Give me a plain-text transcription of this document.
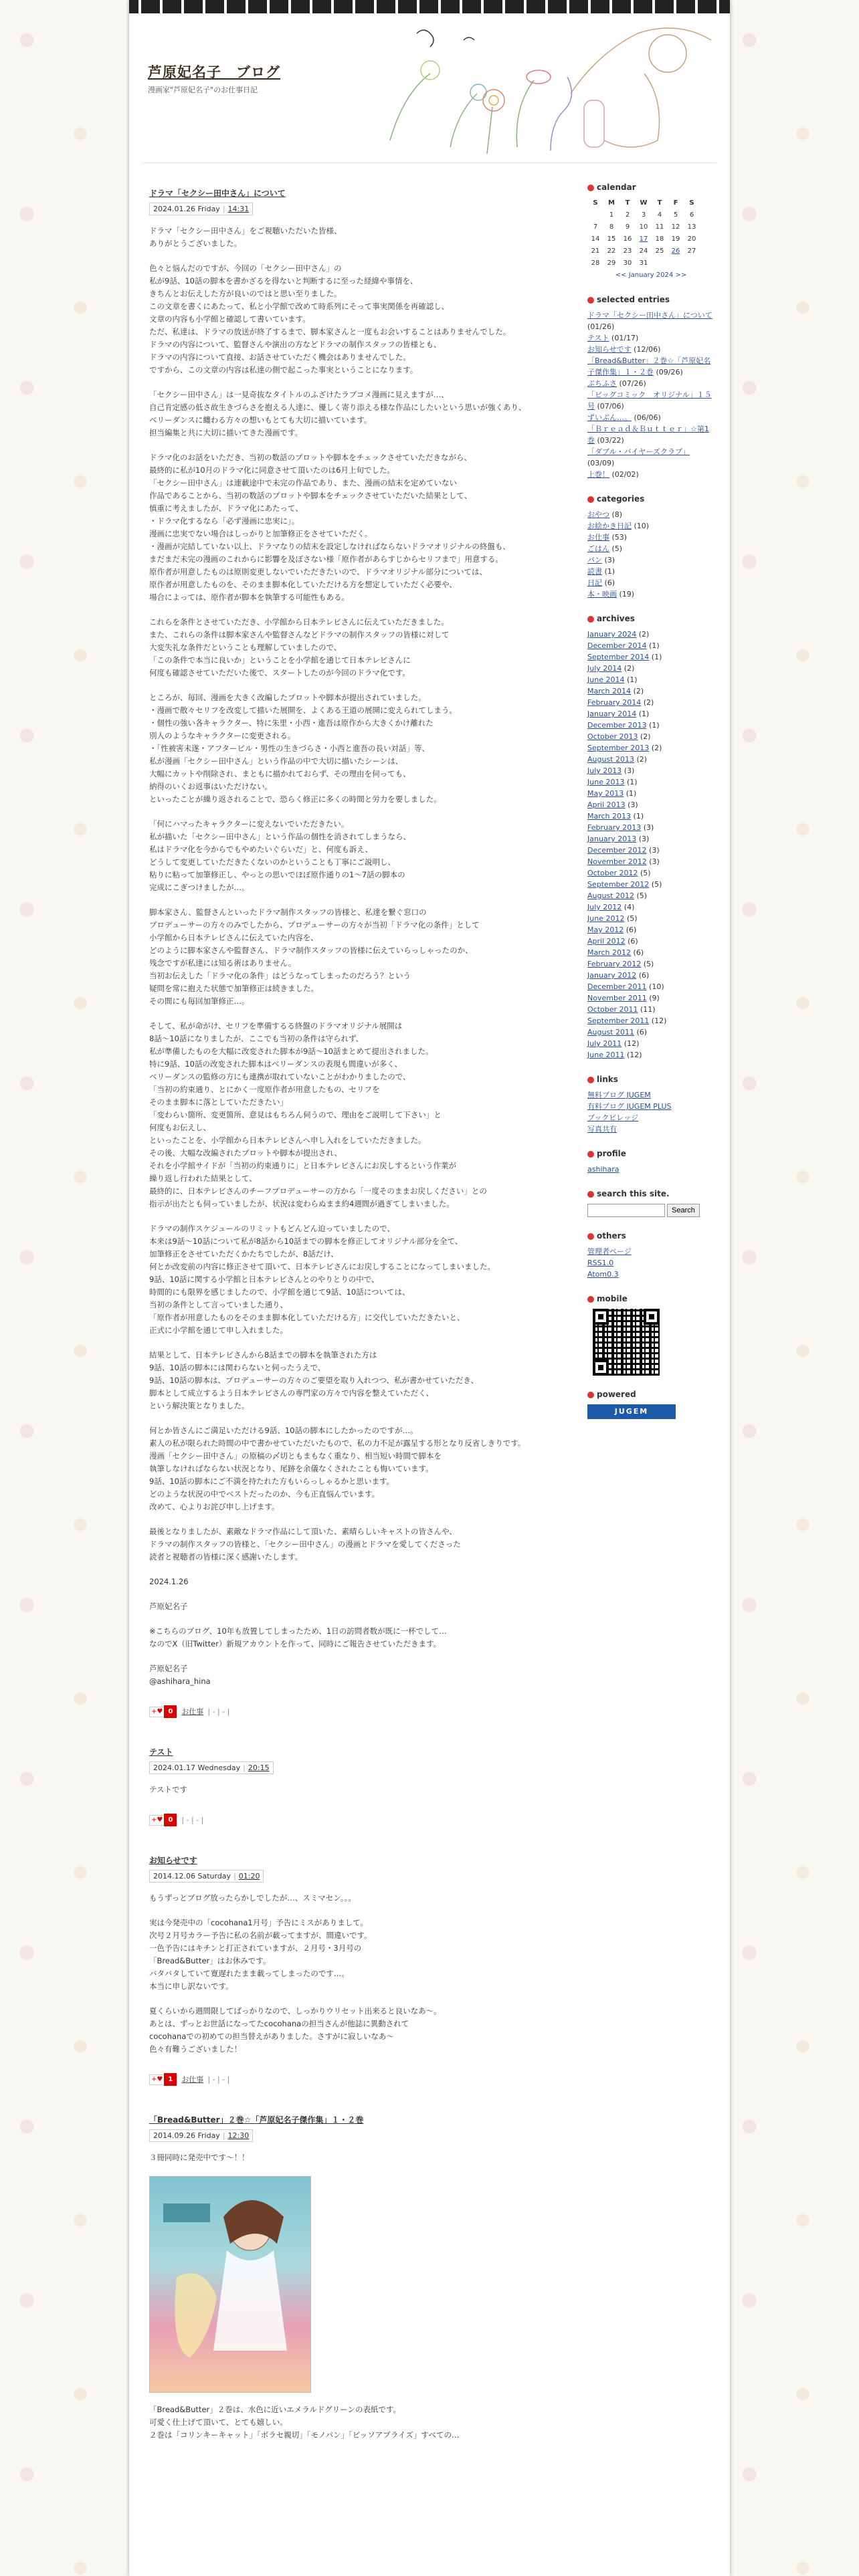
芦原妃名子　ブログ
漫画家"芦原妃名子"のお仕事日記
ドラマ「セクシー田中さん」について
2024.01.26 Friday | 14:31

ドラマ「セクシー田中さん」をご視聴いただいた皆様、
ありがとうございました。

色々と悩んだのですが、今回の「セクシー田中さん」の
私が9話、10話の脚本を書かざるを得ないと判断するに至った経緯や事情を、
きちんとお伝えした方が良いのではと思い至りました。
この文章を書くにあたって、私と小学館で改めて時系列にそって事実関係を再確認し、
文章の内容も小学館と確認して書いています。
ただ、私達は、ドラマの放送が終了するまで、脚本家さんと一度もお会いすることはありませんでした。
ドラマの内容について、監督さんや演出の方などドラマの制作スタッフの皆様とも、
ドラマの内容について直接、お話させていただく機会はありませんでした。
ですから、この文章の内容は私達の側で起こった事実ということになります。

「セクシー田中さん」は一見奇抜なタイトルのふざけたラブコメ漫画に見えますが…、
自己肯定感の低さ故生きづらさを抱える人達に、優しく寄り添える様な作品にしたいという思いが強くあり、
ベリーダンスに纏わる方々の想いもとても大切に描いています。
担当編集と共に大切に描いてきた漫画です。

ドラマ化のお話をいただき、当初の数話のプロットや脚本をチェックさせていただきながら、
最終的に私が10月のドラマ化に同意させて頂いたのは6月上旬でした。
「セクシー田中さん」は連載途中で未完の作品であり、また、漫画の結末を定めていない
作品であることから、当初の数話のプロットや脚本をチェックさせていただいた結果として、
慎重に考えましたが、ドラマ化にあたって、
・ドラマ化するなら「必ず漫画に忠実に」。
漫画に忠実でない場合はしっかりと加筆修正をさせていただく。
・漫画が完結していない以上、ドラマなりの結末を設定しなければならないドラマオリジナルの終盤も、
まだまだ未完の漫画のこれからに影響を及ぼさない様「原作者があらすじからセリフまで」用意する。
原作者が用意したものは原則変更しないでいただきたいので、ドラマオリジナル部分については、
原作者が用意したものを、そのまま脚本化していただける方を想定していただく必要や、
場合によっては、原作者が脚本を執筆する可能性もある。

これらを条件とさせていただき、小学館から日本テレビさんに伝えていただきました。
また、これらの条件は脚本家さんや監督さんなどドラマの制作スタッフの皆様に対して
大変失礼な条件だということも理解していましたので、
「この条件で本当に良いか」ということを小学館を通じて日本テレビさんに
何度も確認させていただいた後で、スタートしたのが今回のドラマ化です。

ところが、毎回、漫画を大きく改編したプロットや脚本が提出されていました。
・漫画で散々セリフを改変して描いた展開を、よくある王道の展開に変えられてしまう。
・個性の強い各キャラクター、特に朱里・小西・進吾は原作から大きくかけ離れた
別人のようなキャラクターに変更される。
・「性被害未遂・アフターピル・男性の生きづらさ・小西と進吾の長い対話」等、
私が漫画「セクシー田中さん」という作品の中で大切に描いたシーンは、
大幅にカットや削除され、まともに描かれておらず、その理由を伺っても、
納得のいくお返事はいただけない。
といったことが繰り返されることで、恐らく修正に多くの時間と労力を要しました。

「何にハマったキャラクターに変えないでいただきたい。
私が描いた「セクシー田中さん」という作品の個性を消されてしまうなら、
私はドラマ化を今からでもやめたいぐらいだ」と、何度も訴え、
どうして変更していただきたくないのかということも丁寧にご説明し、
粘りに粘って加筆修正し、やっとの思いでほぼ原作通りの1〜7話の脚本の
完成にこぎつけましたが…。

脚本家さん、監督さんといったドラマ制作スタッフの皆様と、私達を繋ぐ窓口の
プロデューサーの方々のみでしたから、プロデューサーの方々が当初「ドラマ化の条件」として
小学館から日本テレビさんに伝えていた内容を、
どのように脚本家さんや監督さん、ドラマ制作スタッフの皆様に伝えていらっしゃったのか、
残念ですが私達には知る術はありません。
当初お伝えした「ドラマ化の条件」はどうなってしまったのだろう？という
疑問を常に抱えた状態で加筆修正は続きました。
その間にも毎回加筆修正…。

そして、私が命がけ、セリフを準備するる終盤のドラマオリジナル展開は
8話〜10話になりましたが、ここでも当初の条件は守られず、
私が準備したものを大幅に改変された脚本が9話〜10話まとめて提出されました。
特に9話、10話の改変された脚本はベリーダンスの表現も間違いが多く、
ベリーダンスの監修の方にも連携が取れていないことがわかりましたので、
「当初の約束通り、とにかく一度原作者が用意したもの、セリフを
そのまま脚本に落としていただきたい」
「変わらい箇所、変更箇所、意見はもちろん伺うので、理由をご説明して下さい」と
何度もお伝えし、
といったことを、小学館から日本テレビさんへ申し入れをしていただきました。
その後、大幅な改編されたプロットや脚本が提出され、
それを小学館サイドが「当初の約束通りに」と日本テレビさんにお戻しするという作業が
繰り返し行われた結果として、
最終的に、日本テレビさんのチーフプロデューサーの方から「一度そのままお戻しください」との
指示が出たとも伺っていましたが、状況は変わらぬまま約4週間が過ぎてしまいました。

ドラマの制作スケジュールのリミットもどんどん迫っていましたので、
本来は9話〜10話について私が8話から10話までの脚本を修正してオリジナル部分を全て、
加筆修正をさせていただくかたちでしたが、8話だけ、
何とか改変前の内容に修正させて頂いて、日本テレビさんにお戻しすることになってしまいました。
9話、10話に関する小学館と日本テレビさんとのやりとりの中で、
時間的にも限界を感じましたので、小学館を通じて9話、10話については、
当初の条件として言っていました通り、
「原作者が用意したものをそのまま脚本化していただける方」に交代していただきたいと、
正式に小学館を通じて申し入れました。

結果として、日本テレビさんから8話までの脚本を執筆された方は
9話、10話の脚本には関わらないと伺ったうえで、
9話、10話の脚本は、プロデューサーの方々のご要望を取り入れつつ、私が書かせていただき、
脚本として成立するよう日本テレビさんの専門家の方々で内容を整えていただく、
という解決策となりました。

何とか皆さんにご満足いただける9話、10話の脚本にしたかったのですが…。
素人の私が限られた時間の中で書かせていただいたもので、私の力不足が露呈する形となり反省しきりです。
漫画「セクシー田中さん」の原稿の〆切ともまもなく重なり、相当短い時間で脚本を
執筆しなければならない状況となり、尾跡を余儀なくされたことも悔いています。
9話、10話の脚本にご不満を持たれた方もいらっしゃるかと思います。
どのような状況の中でベストだったのか、今も正直悩んでいます。
改めて、心よりお詫び申し上げます。

最後となりましたが、素敵なドラマ作品にして頂いた、素晴らしいキャストの皆さんや、
ドラマの制作スタッフの皆様と、「セクシー田中さん」の漫画とドラマを愛してくださった
読者と視聴者の皆様に深く感謝いたします。

2024.1.26

芦原妃名子

※こちらのブログ、10年も放置してしまったため、1日の訪問者数が既に一杯でして…
なのでX（旧Twitter）新規アカウントを作って、同時にご報告させていただきます。

芦原妃名子
@ashihara_hina

+♥ 0	お仕事 | - | - |
テスト
2024.01.17 Wednesday | 20:15

テストです

+♥ 0	| - | - |
お知らせです
2014.12.06 Saturday | 01:20

もうずっとブログ放ったらかしでしたが…、スミマセン。。。

実は今発売中の「cocohana1月号」予告にミスがありまして。
次号２月号カラー予告に私の名前が載ってますが、間違いです。
一色予告にはキチンと打正されていますが、２月号・3月号の
「Bread&Butter」はお休みです。
バタバタしていて寛遅れたまま載ってしまったのです…。
本当に申し訳ないです。

夏くらいから週間限してばっかりなので、しっかりウリセット出来ると良いなあ〜。
あとは、ずっとお世話になってたcocohanaの担当さんが他誌に異動されて
cocohanaでの初めての担当替えがありました。さすがに寂しいなあ〜
色々有難うございました！

+♥ 1	お仕事 | - | - |
「Bread&Butter」２巻☆「芦原妃名子傑作集」１・２巻
2014.09.26 Friday | 12:30

３冊同時に発売中です〜！！

「Bread&Butter」２巻は、水色に近いエメラルドグリーンの表紙です。
可愛く仕上げて頂いて、とても嬉しい。
２巻は「コリンキーキャット」「ボラセ親切」「モノパン」「ビッソアブライズ」すべての…

calendar
S	M	T	W	T	F	S
	1	2	3	4	5	6
7	8	9	10	11	12	13
14	15	16	17	18	19	20
21	22	23	24	25	26	27
28	29	30	31			
<< January 2024 >>
selected entries
ドラマ「セクシー田中さん」について (01/26)
テスト (01/17)
お知らせです (12/06)
「Bread&Butter」２巻☆「芦原妃名子傑作集」１・２巻 (09/26)
ぷちふさ (07/26)
「ビッグコミック　オリジナル」１５号 (07/06)
ずいぶん…。 (06/06)
「Ｂｒｅａｄ＆Ｂｕｔｔｅｒ」☆第1巻 (03/22)
「ダブル・バイヤーズクラブ」 (03/09)
上巻！ (02/02)
categories
おやつ (8)
お絵かき日記 (10)
お仕事 (53)
ごはん (5)
パン (3)
読書 (1)
日記 (6)
本・映画 (19)
archives
January 2024 (2)
December 2014 (1)
September 2014 (1)
July 2014 (2)
June 2014 (1)
March 2014 (2)
February 2014 (2)
January 2014 (1)
December 2013 (1)
October 2013 (2)
September 2013 (2)
August 2013 (2)
July 2013 (3)
June 2013 (1)
May 2013 (1)
April 2013 (3)
March 2013 (1)
February 2013 (3)
January 2013 (3)
December 2012 (3)
November 2012 (3)
October 2012 (5)
September 2012 (5)
August 2012 (5)
July 2012 (4)
June 2012 (5)
May 2012 (6)
April 2012 (6)
March 2012 (6)
February 2012 (5)
January 2012 (6)
December 2011 (10)
November 2011 (9)
October 2011 (11)
September 2011 (12)
August 2011 (6)
July 2011 (12)
June 2011 (12)
links
無料ブログ JUGEM
有料ブログ JUGEM PLUS
ブックビレッジ
写真共有
profile
ashihara
search this site.
Search
others
管理者ページ
RSS1.0
Atom0.3
mobile
powered
JUGEM
